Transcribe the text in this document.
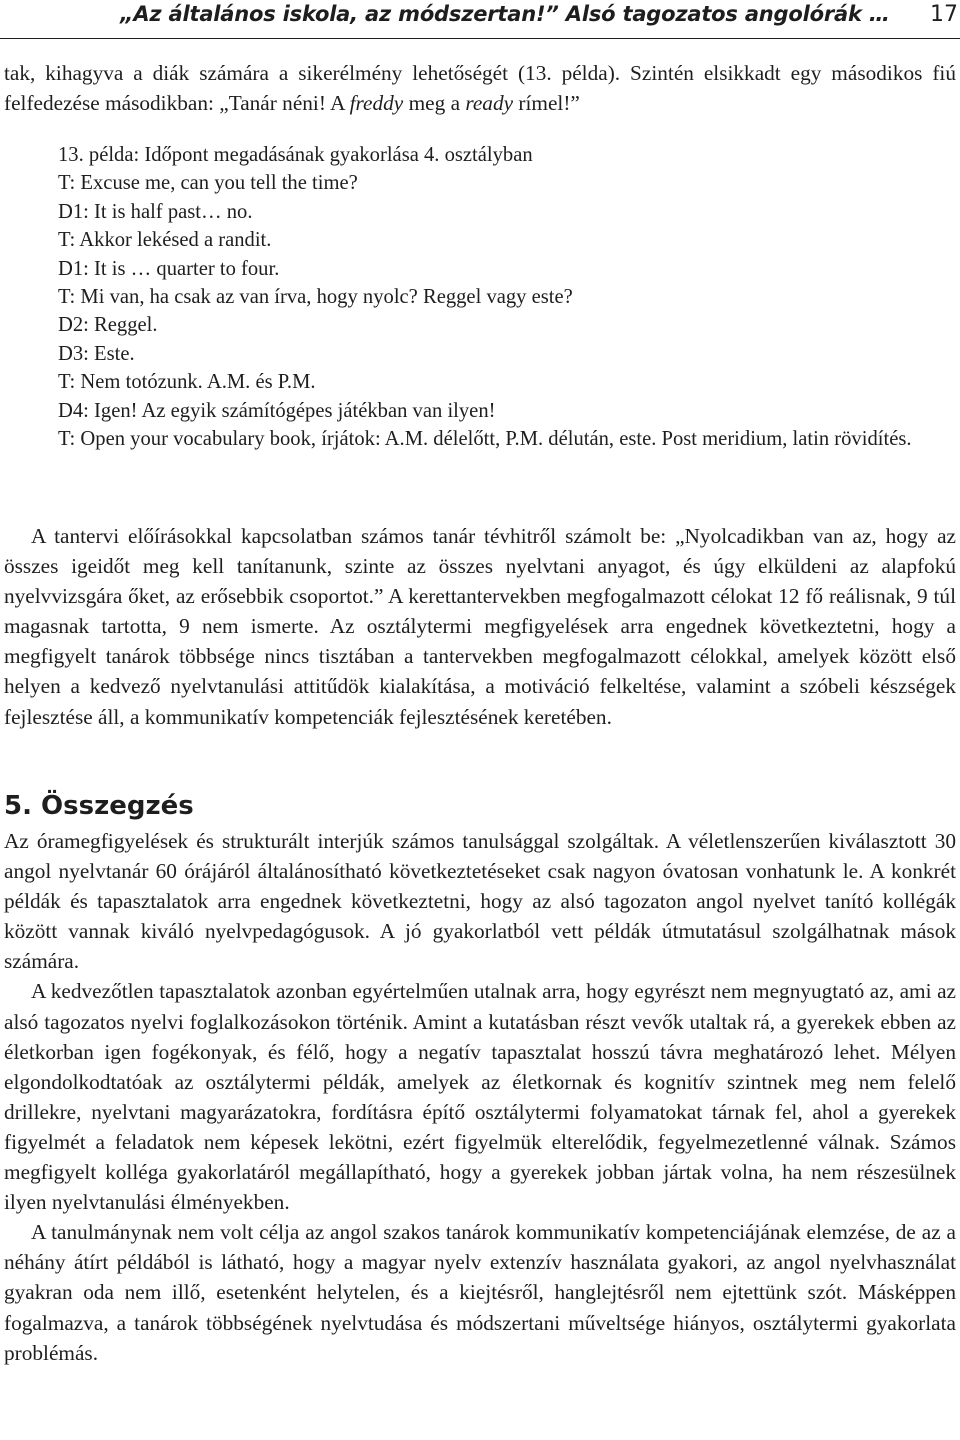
„Az általános iskola, az módszertan!” Alsó tagozatos angolórák … 17

tak, kihagyva a diák számára a sikerélmény lehetőségét (13. példa). Szintén elsikkadt egy másodikos fiú felfedezése másodikban: „Tanár néni! A freddy meg a ready rímel!”

13. példa: Időpont megadásának gyakorlása 4. osztályban
T: Excuse me, can you tell the time?
D1: It is half past… no.
T: Akkor lekésed a randit.
D1: It is … quarter to four.
T: Mi van, ha csak az van írva, hogy nyolc? Reggel vagy este?
D2: Reggel.
D3: Este.
T: Nem totózunk. A.M. és P.M.
D4: Igen! Az egyik számítógépes játékban van ilyen!
T: Open your vocabulary book, írjátok: A.M. délelőtt, P.M. délután, este. Post meridium, latin rövidítés.

A tantervi előírásokkal kapcsolatban számos tanár tévhitről számolt be: „Nyolcadikban van az, hogy az összes igeidőt meg kell tanítanunk, szinte az összes nyelvtani anyagot, és úgy elküldeni az alapfokú nyelvvizsgára őket, az erősebbik csoportot.” A kerettantervekben megfogalmazott célokat 12 fő reálisnak, 9 túl magasnak tartotta, 9 nem ismerte. Az osztálytermi megfigyelések arra engednek következtetni, hogy a megfigyelt tanárok többsége nincs tisztában a tantervekben megfogalmazott célokkal, amelyek között első helyen a kedvező nyelvtanulási attitűdök kialakítása, a motiváció felkeltése, valamint a szóbeli készségek fejlesztése áll, a kommunikatív kompetenciák fejlesztésének keretében.

5. Összegzés

Az óramegfigyelések és strukturált interjúk számos tanulsággal szolgáltak. A véletlenszerűen kiválasztott 30 angol nyelvtanár 60 órájáról általánosítható következtetéseket csak nagyon óvatosan vonhatunk le. A konkrét példák és tapasztalatok arra engednek következtetni, hogy az alsó tagozaton angol nyelvet tanító kollégák között vannak kiváló nyelvpedagógusok. A jó gyakorlatból vett példák útmutatásul szolgálhatnak mások számára.

A kedvezőtlen tapasztalatok azonban egyértelműen utalnak arra, hogy egyrészt nem megnyugtató az, ami az alsó tagozatos nyelvi foglalkozásokon történik. Amint a kutatásban részt vevők utaltak rá, a gyerekek ebben az életkorban igen fogékonyak, és félő, hogy a negatív tapasztalat hosszú távra meghatározó lehet. Mélyen elgondolkodtatóak az osztálytermi példák, amelyek az életkornak és kognitív szintnek meg nem felelő drillekre, nyelvtani magyarázatokra, fordításra építő osztálytermi folyamatokat tárnak fel, ahol a gyerekek figyelmét a feladatok nem képesek lekötni, ezért figyelmük elterelődik, fegyelmezetlenné válnak. Számos megfigyelt kolléga gyakorlatáról megállapítható, hogy a gyerekek jobban jártak volna, ha nem részesülnek ilyen nyelvtanulási élményekben.

A tanulmánynak nem volt célja az angol szakos tanárok kommunikatív kompetenciájának elemzése, de az a néhány átírt példából is látható, hogy a magyar nyelv extenzív használata gyakori, az angol nyelvhasználat gyakran oda nem illő, esetenként helytelen, és a kiejtésről, hanglejtésről nem ejtettünk szót. Másképpen fogalmazva, a tanárok többségének nyelvtudása és módszertani műveltsége hiányos, osztálytermi gyakorlata problémás.
